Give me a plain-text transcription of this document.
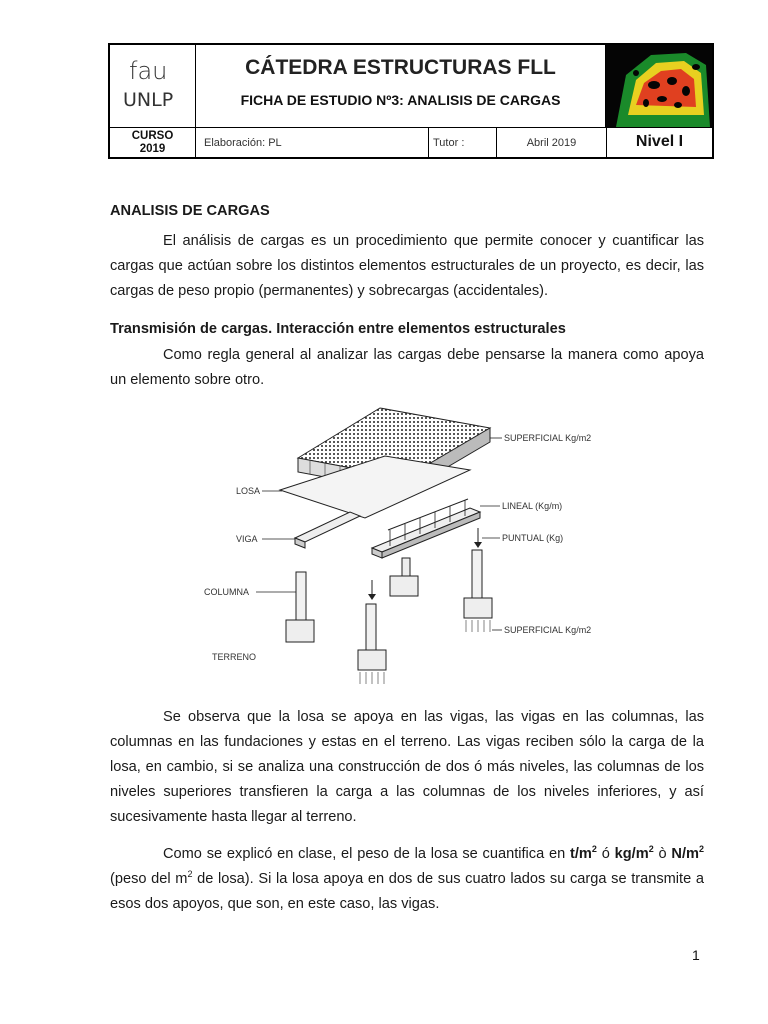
fau
UNLP
CÁTEDRA ESTRUCTURAS FLL
FICHA DE ESTUDIO Nº3: ANALISIS DE CARGAS
CURSO
2019	Elaboración: PL	Tutor :	Abril 2019	Nivel I
ANALISIS DE CARGAS
El análisis de cargas es un procedimiento que permite conocer y cuantificar las cargas que actúan sobre los distintos elementos estructurales de un proyecto, es decir, las cargas de peso propio (permanentes) y sobrecargas (accidentales).
Transmisión de cargas. Interacción entre elementos estructurales
Como regla general al analizar las cargas debe pensarse la manera como apoya un elemento sobre otro.
SUPERFICIAL Kg/m2
LINEAL (Kg/m)
PUNTUAL (Kg)
SUPERFICIAL Kg/m2
LOSA
VIGA
COLUMNA
TERRENO
Se observa que la losa se apoya en las vigas, las vigas en las columnas, las columnas en las fundaciones y estas en el terreno. Las vigas reciben sólo la carga de la losa, en cambio, si se analiza una construcción de dos ó más niveles, las columnas de los niveles superiores transfieren la carga a las columnas de los niveles inferiores, y así sucesivamente hasta llegar al terreno.
Como se explicó en clase, el peso de la losa se cuantifica en $t/m^2$ ó $kg/m^2$ ò $N/m^2$ (peso del $m^2$ de losa). Si la losa apoya en dos de sus cuatro lados su carga se transmite a esos dos apoyos, que son, en este caso, las vigas.
1
